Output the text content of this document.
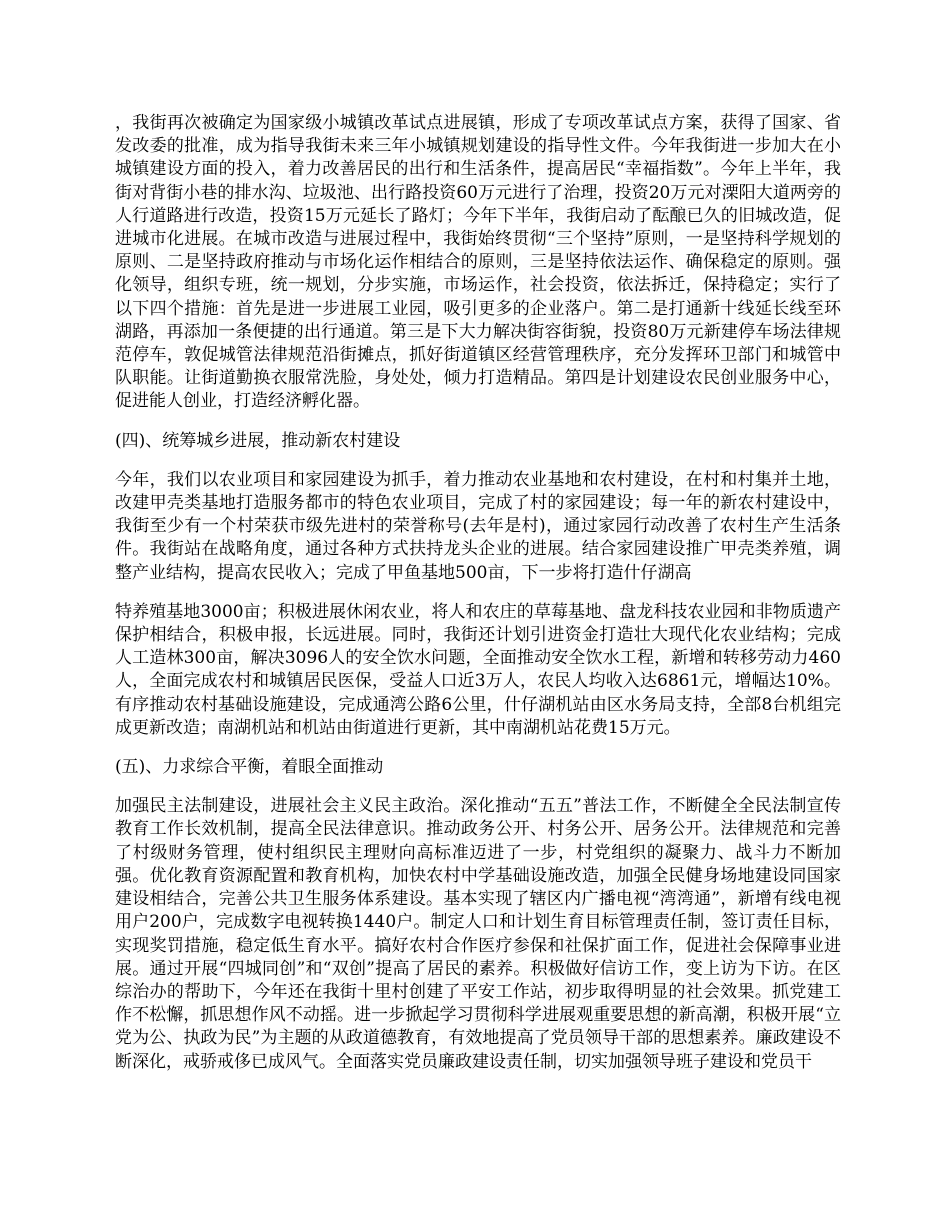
，我街再次被确定为国家级小城镇改革试点进展镇，形成了专项改革试点方案，获得了国家、省发改委的批准，成为指导我街未来三年小城镇规划建设的指导性文件。今年我街进一步加大在小城镇建设方面的投入，着力改善居民的出行和生活条件，提高居民“幸福指数”。今年上半年，我街对背街小巷的排水沟、垃圾池、出行路投资60万元进行了治理，投资20万元对溧阳大道两旁的人行道路进行改造，投资15万元延长了路灯；今年下半年，我街启动了酝酿已久的旧城改造，促进城市化进展。在城市改造与进展过程中，我街始终贯彻“三个坚持”原则，一是坚持科学规划的原则、二是坚持政府推动与市场化运作相结合的原则，三是坚持依法运作、确保稳定的原则。强化领导，组织专班，统一规划，分步实施，市场运作，社会投资，依法拆迁，保持稳定；实行了以下四个措施：首先是进一步进展工业园，吸引更多的企业落户。第二是打通新十线延长线至环湖路，再添加一条便捷的出行通道。第三是下大力解决街容街貌，投资80万元新建停车场法律规范停车，敦促城管法律规范沿街摊点，抓好街道镇区经营管理秩序，充分发挥环卫部门和城管中队职能。让街道勤换衣服常洗脸，身处处，倾力打造精品。第四是计划建设农民创业服务中心，促进能人创业，打造经济孵化器。

(四)、统筹城乡进展，推动新农村建设

今年，我们以农业项目和家园建设为抓手，着力推动农业基地和农村建设，在村和村集并土地，改建甲壳类基地打造服务都市的特色农业项目，完成了村的家园建设；每一年的新农村建设中，我街至少有一个村荣获市级先进村的荣誉称号(去年是村)，通过家园行动改善了农村生产生活条件。我街站在战略角度，通过各种方式扶持龙头企业的进展。结合家园建设推广甲壳类养殖，调整产业结构，提高农民收入；完成了甲鱼基地500亩，下一步将打造什仔湖高

特养殖基地3000亩；积极进展休闲农业，将人和农庄的草莓基地、盘龙科技农业园和非物质遗产保护相结合，积极申报，长远进展。同时，我街还计划引进资金打造壮大现代化农业结构；完成人工造林300亩，解决3096人的安全饮水问题，全面推动安全饮水工程，新增和转移劳动力460人，全面完成农村和城镇居民医保，受益人口近3万人，农民人均收入达6861元，增幅达10%。有序推动农村基础设施建设，完成通湾公路6公里，什仔湖机站由区水务局支持，全部8台机组完成更新改造；南湖机站和机站由街道进行更新，其中南湖机站花费15万元。

(五)、力求综合平衡，着眼全面推动

加强民主法制建设，进展社会主义民主政治。深化推动“五五”普法工作，不断健全全民法制宣传教育工作长效机制，提高全民法律意识。推动政务公开、村务公开、居务公开。法律规范和完善了村级财务管理，使村组织民主理财向高标准迈进了一步，村党组织的凝聚力、战斗力不断加强。优化教育资源配置和教育机构，加快农村中学基础设施改造，加强全民健身场地建设同国家建设相结合，完善公共卫生服务体系建设。基本实现了辖区内广播电视“湾湾通”，新增有线电视用户200户，完成数字电视转换1440户。制定人口和计划生育目标管理责任制，签订责任目标，实现奖罚措施，稳定低生育水平。搞好农村合作医疗参保和社保扩面工作，促进社会保障事业进展。通过开展“四城同创”和“双创”提高了居民的素养。积极做好信访工作，变上访为下访。在区综治办的帮助下，今年还在我街十里村创建了平安工作站，初步取得明显的社会效果。抓党建工作不松懈，抓思想作风不动摇。进一步掀起学习贯彻科学进展观重要思想的新高潮，积极开展“立党为公、执政为民”为主题的从政道德教育，有效地提高了党员领导干部的思想素养。廉政建设不断深化，戒骄戒侈已成风气。全面落实党员廉政建设责任制，切实加强领导班子建设和党员干
